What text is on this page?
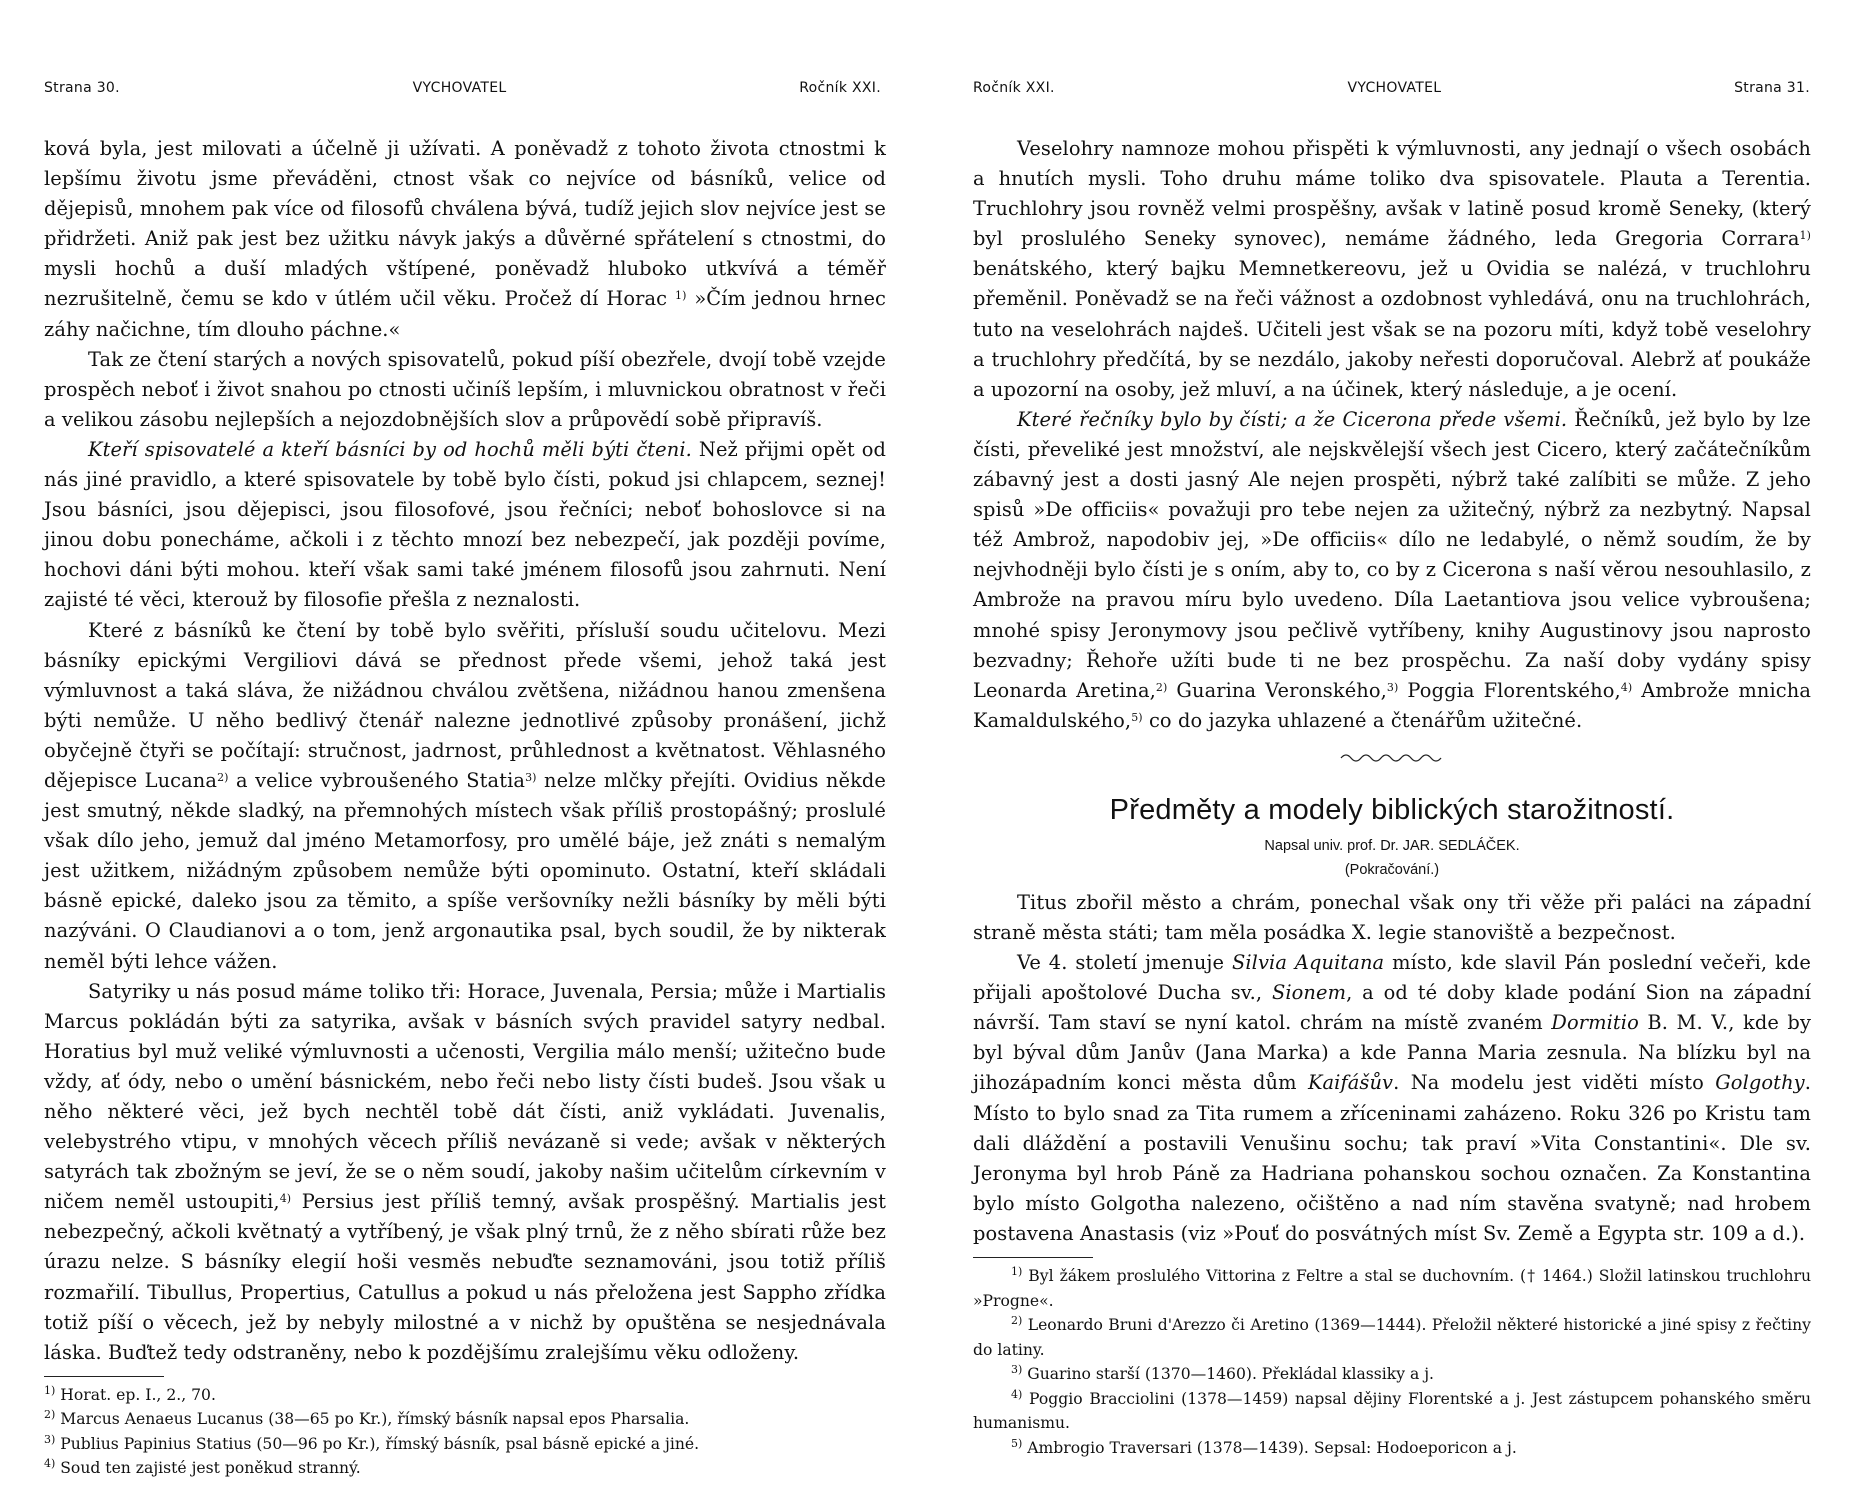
Strana 30.	VYCHOVATEL	Ročník XXI.

ková byla, jest milovati a účelně ji užívati. A poněvadž z tohoto života ctnostmi k lepšímu životu jsme převáděni, ctnost však co nejvíce od básníků, velice od dějepisů, mnohem pak více od filosofů chválena bývá, tudíž jejich slov nejvíce jest se přidržeti. Aniž pak jest bez užitku návyk jakýs a důvěrné spřátelení s ctnostmi, do mysli hochů a duší mladých vštípené, poněvadž hluboko utkvívá a téměř nezrušitelně, čemu se kdo v útlém učil věku. Pročež dí Horac $^{1)}$ »Čím jednou hrnec záhy načichne, tím dlouho páchne.«

Tak ze čtení starých a nových spisovatelů, pokud píší obezřele, dvojí tobě vzejde prospěch neboť i život snahou po ctnosti učiníš lepším, i mluvnickou obratnost v řeči a velikou zásobu nejlepších a nejozdobnějších slov a průpovědí sobě připravíš.

Kteří spisovatelé a kteří básníci by od hochů měli býti čteni. Než přijmi opět od nás jiné pravidlo, a které spisovatele by tobě bylo čísti, pokud jsi chlapcem, seznej! Jsou básníci, jsou dějepisci, jsou filosofové, jsou řečníci; neboť bohoslovce si na jinou dobu ponecháme, ačkoli i z těchto mnozí bez nebezpečí, jak později povíme, hochovi dáni býti mohou. kteří však sami také jménem filosofů jsou zahrnuti. Není zajisté té věci, kterouž by filosofie přešla z neznalosti.

Které z básníků ke čtení by tobě bylo svěřiti, přísluší soudu učitelovu. Mezi básníky epickými Vergiliovi dává se přednost přede všemi, jehož taká jest výmluvnost a taká sláva, že nižádnou chválou zvětšena, nižádnou hanou zmenšena býti nemůže. U něho bedlivý čtenář nalezne jednotlivé způsoby pronášení, jichž obyčejně čtyři se počítají: stručnost, jadrnost, průhlednost a květnatost. Věhlasného dějepisce Lucana$^{2)}$ a velice vybroušeného Statia$^{3)}$ nelze mlčky přejíti. Ovidius někde jest smutný, někde sladký, na přemnohých místech však příliš prostopášný; proslulé však dílo jeho, jemuž dal jméno Metamorfosy, pro umělé báje, jež znáti s nemalým jest užitkem, nižádným způsobem nemůže býti opominuto. Ostatní, kteří skládali básně epické, daleko jsou za těmito, a spíše veršovníky nežli básníky by měli býti nazýváni. O Claudianovi a o tom, jenž argonautika psal, bych soudil, že by nikterak neměl býti lehce vážen.

Satyriky u nás posud máme toliko tři: Horace, Juvenala, Persia; může i Martialis Marcus pokládán býti za satyrika, avšak v básních svých pravidel satyry nedbal. Horatius byl muž veliké výmluvnosti a učenosti, Vergilia málo menší; užitečno bude vždy, ať ódy, nebo o umění básnickém, nebo řeči nebo listy čísti budeš. Jsou však u něho některé věci, jež bych nechtěl tobě dát čísti, aniž vykládati. Juvenalis, velebystrého vtipu, v mnohých věcech příliš nevázaně si vede; avšak v některých satyrách tak zbožným se jeví, že se o něm soudí, jakoby našim učitelům církevním v ničem neměl ustoupiti,$^{4)}$ Persius jest příliš temný, avšak prospěšný. Martialis jest nebezpečný, ačkoli květnatý a vytříbený, je však plný trnů, že z něho sbírati růže bez úrazu nelze. S básníky elegií hoši vesměs nebuďte seznamováni, jsou totiž příliš rozmařilí. Tibullus, Propertius, Catullus a pokud u nás přeložena jest Sappho zřídka totiž píší o věcech, jež by nebyly milostné a v nichž by opuštěna se nesjednávala láska. Buďtež tedy odstraněny, nebo k pozdějšímu zralejšímu věku odloženy.

$^{1)}$ Horat. ep. I., 2., 70.

$^{2)}$ Marcus Aenaeus Lucanus (38—65 po Kr.), římský básník napsal epos Pharsalia.

$^{3)}$ Publius Papinius Statius (50—96 po Kr.), římský básník, psal básně epické a jiné.

$^{4)}$ Soud ten zajisté jest poněkud stranný.

Ročník XXI.	VYCHOVATEL	Strana 31.

Veselohry namnoze mohou přispěti k výmluvnosti, any jednají o všech osobách a hnutích mysli. Toho druhu máme toliko dva spisovatele. Plauta a Terentia. Truchlohry jsou rovněž velmi prospěšny, avšak v latině posud kromě Seneky, (který byl proslulého Seneky synovec), nemáme žádného, leda Gregoria Corrara$^{1)}$ benátského, který bajku Memnetkereovu, jež u Ovidia se nalézá, v truchlohru přeměnil. Poněvadž se na řeči vážnost a ozdobnost vyhledává, onu na truchlohrách, tuto na veselohrách najdeš. Učiteli jest však se na pozoru míti, když tobě veselohry a truchlohry předčítá, by se nezdálo, jakoby neřesti doporučoval. Alebrž ať poukáže a upozorní na osoby, jež mluví, a na účinek, který následuje, a je ocení.

Které řečníky bylo by čísti; a že Cicerona přede všemi. Řečníků, jež bylo by lze čísti, převeliké jest množství, ale nejskvělejší všech jest Cicero, který začátečníkům zábavný jest a dosti jasný Ale nejen prospěti, nýbrž také zalíbiti se může. Z jeho spisů »De officiis« považuji pro tebe nejen za užitečný, nýbrž za nezbytný. Napsal též Ambrož, napodobiv jej, »De officiis« dílo ne ledabylé, o němž soudím, že by nejvhodněji bylo čísti je s oním, aby to, co by z Cicerona s naší věrou nesouhlasilo, z Ambrože na pravou míru bylo uvedeno. Díla Laetantiova jsou velice vybroušena; mnohé spisy Jeronymovy jsou pečlivě vytříbeny, knihy Augustinovy jsou naprosto bezvadny; Řehoře užíti bude ti ne bez prospěchu. Za naší doby vydány spisy Leonarda Aretina,$^{2)}$ Guarina Veronského,$^{3)}$ Poggia Florentského,$^{4)}$ Ambrože mnicha Kamaldulského,$^{5)}$ co do jazyka uhlazené a čtenářům užitečné.

Předměty a modely biblických starožitností.
Napsal univ. prof. Dr. JAR. SEDLÁČEK.
(Pokračování.)

Titus zbořil město a chrám, ponechal však ony tři věže při paláci na západní straně města státi; tam měla posádka X. legie stanoviště a bezpečnost.

Ve 4. století jmenuje Silvia Aquitana místo, kde slavil Pán poslední večeři, kde přijali apoštolové Ducha sv., Sionem, a od té doby klade podání Sion na západní návrší. Tam staví se nyní katol. chrám na místě zvaném Dormitio B. M. V., kde by byl býval dům Janův (Jana Marka) a kde Panna Maria zesnula. Na blízku byl na jihozápadním konci města dům Kaifášův. Na modelu jest viděti místo Golgothy. Místo to bylo snad za Tita rumem a zříceninami zaházeno. Roku 326 po Kristu tam dali dláždění a postavili Venušinu sochu; tak praví »Vita Constantini«. Dle sv. Jeronyma byl hrob Páně za Hadriana pohanskou sochou označen. Za Konstantina bylo místo Golgotha nalezeno, očištěno a nad ním stavěna svatyně; nad hrobem postavena Anastasis (viz »Pouť do posvátných míst Sv. Země a Egypta str. 109 a d.).

$^{1)}$ Byl žákem proslulého Vittorina z Feltre a stal se duchovním. († 1464.) Složil latinskou truchlohru »Progne«.

$^{2)}$ Leonardo Bruni d'Arezzo či Aretino (1369—1444). Přeložil některé historické a jiné spisy z řečtiny do latiny.

$^{3)}$ Guarino starší (1370—1460). Překládal klassiky a j.

$^{4)}$ Poggio Bracciolini (1378—1459) napsal dějiny Florentské a j. Jest zástupcem pohanského směru humanismu.

$^{5)}$ Ambrogio Traversari (1378—1439). Sepsal: Hodoeporicon a j.
